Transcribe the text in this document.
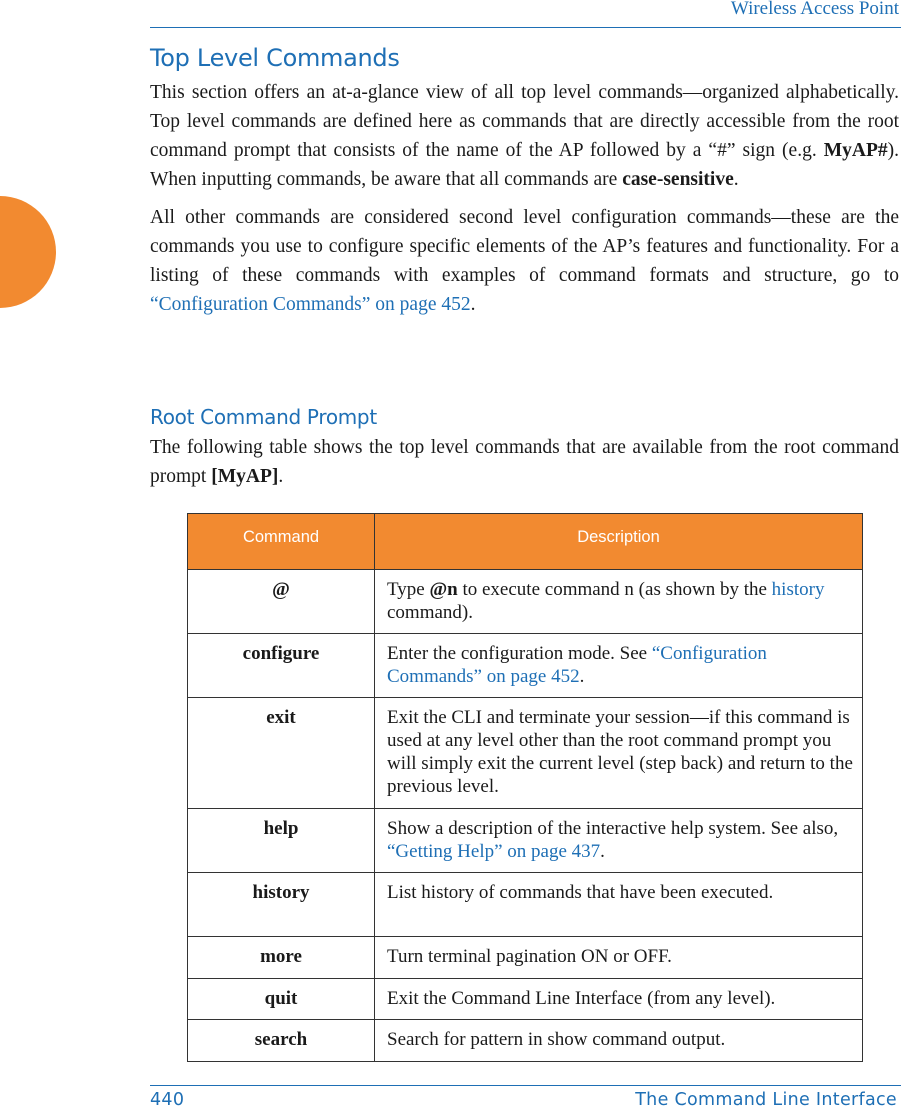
Wireless Access Point
Top Level Commands

This section offers an at-a-glance view of all top level commands—organized alphabetically. Top level commands are defined here as commands that are directly accessible from the root command prompt that consists of the name of the AP followed by a “#” sign (e.g. MyAP#). When inputting commands, be aware that all commands are case-sensitive.

All other commands are considered second level configuration commands—these are the commands you use to configure specific elements of the AP’s features and functionality. For a listing of these commands with examples of command formats and structure, go to “Configuration Commands” on page 452.

Root Command Prompt

The following table shows the top level commands that are available from the root command prompt [MyAP].

Command	Description
@	Type @n to execute command n (as shown by the history command).
configure	Enter the configuration mode. See “Configuration Commands” on page 452.
exit	Exit the CLI and terminate your session—if this command is used at any level other than the root command prompt you will simply exit the current level (step back) and return to the previous level.
help	Show a description of the interactive help system. See also, “Getting Help” on page 437.
history	List history of commands that have been executed.
more	Turn terminal pagination ON or OFF.
quit	Exit the Command Line Interface (from any level).
search	Search for pattern in show command output.
440	The Command Line Interface
